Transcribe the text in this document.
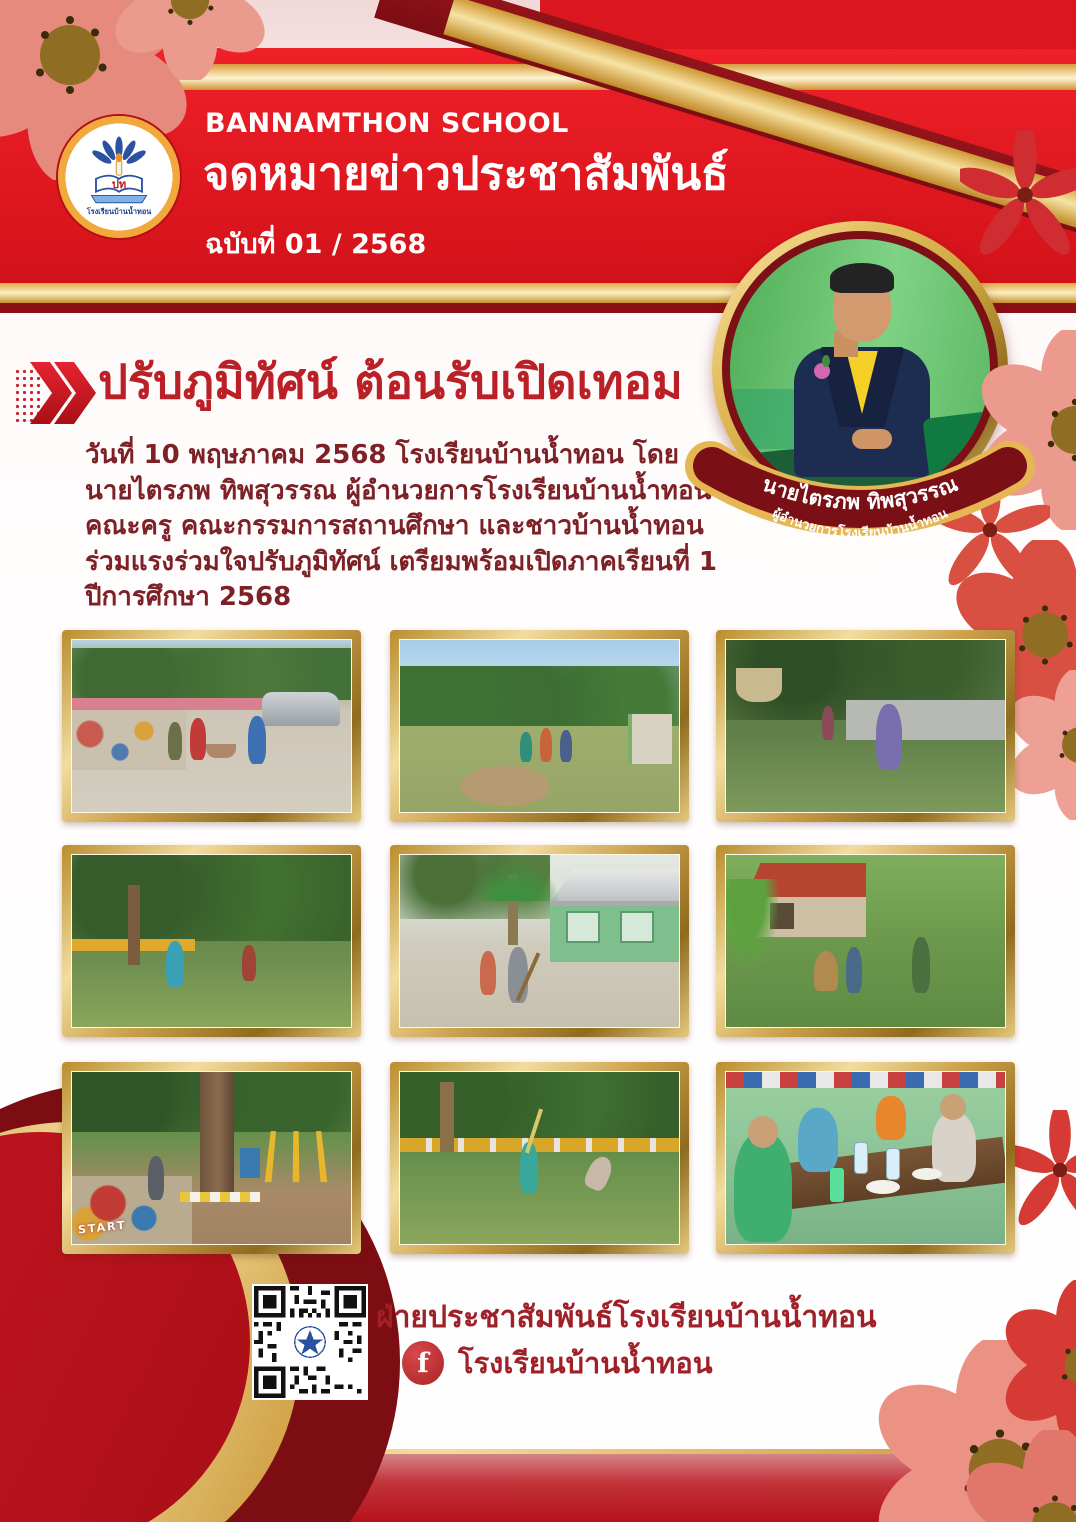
ปท
โรงเรียนบ้านน้ำทอน
BANNAMTHON SCHOOL
จดหมายข่าวประชาสัมพันธ์
ฉบับที่ 01 / 2568
นายไตรภพ ทิพสุวรรณ
ผู้อำนวยการโรงเรียนบ้านน้ำทอน
ปรับภูมิทัศน์ ต้อนรับเปิดเทอม
วันที่ 10 พฤษภาคม 2568 โรงเรียนบ้านน้ำทอน โดย
นายไตรภพ ทิพสุวรรณ ผู้อำนวยการโรงเรียนบ้านน้ำทอน
คณะครู คณะกรรมการสถานศึกษา และชาวบ้านน้ำทอน
ร่วมแรงร่วมใจปรับภูมิทัศน์ เตรียมพร้อมเปิดภาคเรียนที่ 1
ปีการศึกษา 2568
START
ฝ่ายประชาสัมพันธ์โรงเรียนบ้านน้ำทอน
f	โรงเรียนบ้านน้ำทอน
